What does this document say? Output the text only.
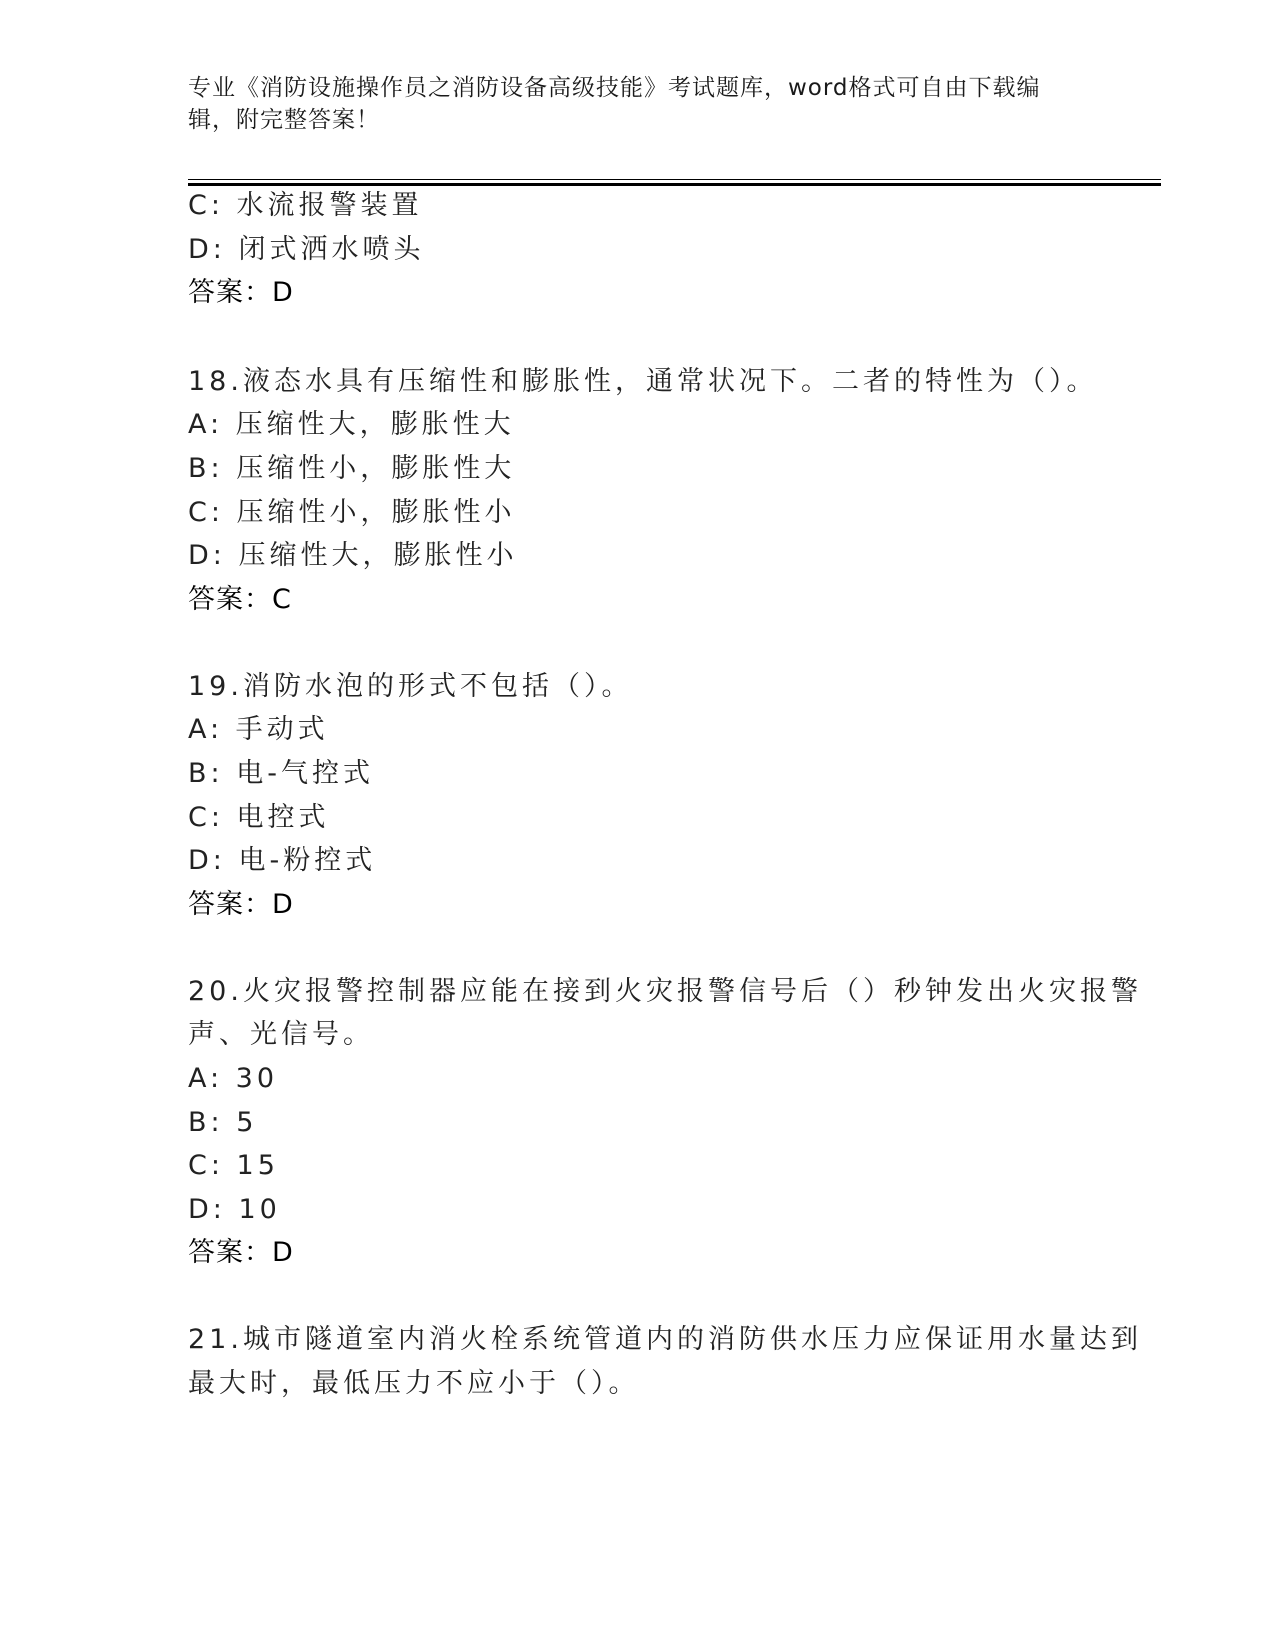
专业《消防设施操作员之消防设备高级技能》考试题库，word格式可自由下载编
辑，附完整答案！
C: 水流报警装置
D: 闭式洒水喷头
答案：D
18.液态水具有压缩性和膨胀性，通常状况下。二者的特性为（）。
A: 压缩性大，膨胀性大
B: 压缩性小，膨胀性大
C: 压缩性小，膨胀性小
D: 压缩性大，膨胀性小
答案：C
19.消防水泡的形式不包括（）。
A: 手动式
B: 电-气控式
C: 电控式
D: 电-粉控式
答案：D
20.火灾报警控制器应能在接到火灾报警信号后（）秒钟发出火灾报警
声、光信号。
A: 30
B: 5
C: 15
D: 10
答案：D
21.城市隧道室内消火栓系统管道内的消防供水压力应保证用水量达到
最大时，最低压力不应小于（）。
